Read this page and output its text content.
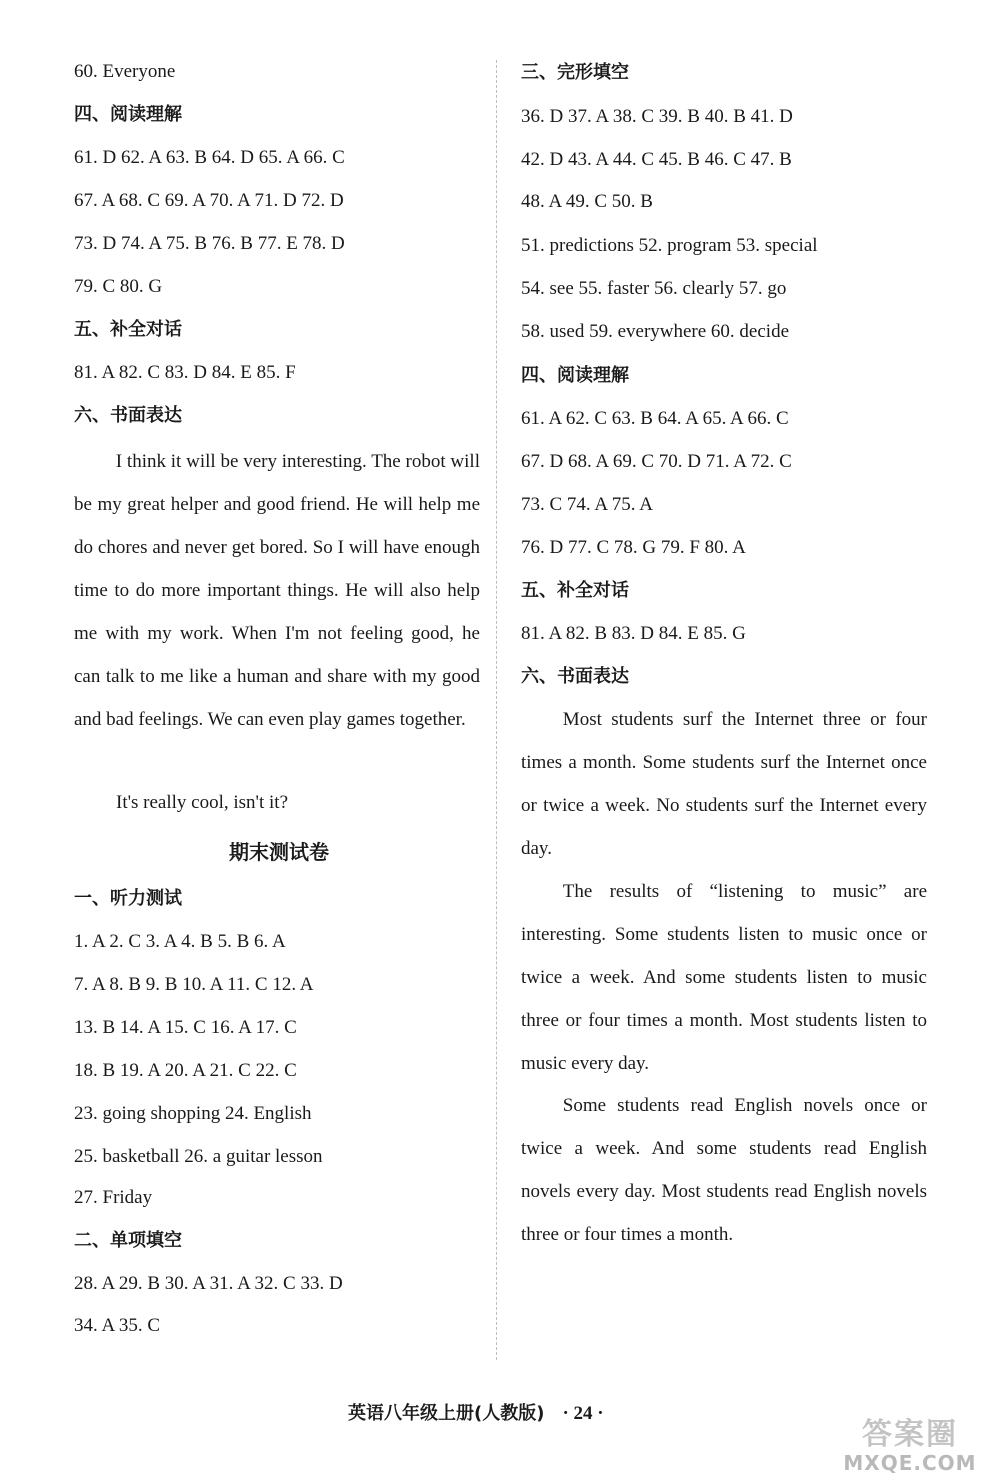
60. Everyone
四、阅读理解
61. D 62. A 63. B 64. D 65. A 66. C
67. A 68. C 69. A 70. A 71. D 72. D
73. D 74. A 75. B 76. B 77. E 78. D
79. C 80. G
五、补全对话
81. A 82. C 83. D 84. E 85. F
六、书面表达
I think it will be very interesting. The robot will be my great helper and good friend. He will help me do chores and never get bored. So I will have enough time to do more important things. He will also help me with my work. When I'm not feeling good, he can talk to me like a human and share with my good and bad feelings. We can even play games together.
It's really cool, isn't it?
期末测试卷
一、听力测试
1. A 2. C 3. A 4. B 5. B 6. A
7. A 8. B 9. B 10. A 11. C 12. A
13. B 14. A 15. C 16. A 17. C
18. B 19. A 20. A 21. C 22. C
23. going shopping 24. English
25. basketball 26. a guitar lesson
27. Friday
二、单项填空
28. A 29. B 30. A 31. A 32. C 33. D
34. A 35. C
三、完形填空
36. D 37. A 38. C 39. B 40. B 41. D
42. D 43. A 44. C 45. B 46. C 47. B
48. A 49. C 50. B
51. predictions 52. program 53. special
54. see 55. faster 56. clearly 57. go
58. used 59. everywhere 60. decide
四、阅读理解
61. A 62. C 63. B 64. A 65. A 66. C
67. D 68. A 69. C 70. D 71. A 72. C
73. C 74. A 75. A
76. D 77. C 78. G 79. F 80. A
五、补全对话
81. A 82. B 83. D 84. E 85. G
六、书面表达
Most students surf the Internet three or four times a month. Some students surf the Internet once or twice a week. No students surf the Internet every day.
The results of “listening to music” are interesting. Some students listen to music once or twice a week. And some students listen to music three or four times a month. Most students listen to music every day.
Some students read English novels once or twice a week. And some students read English novels every day. Most students read English novels three or four times a month.
英语八年级上册(人教版) · 24 ·
答案圈
MXQE.COM
